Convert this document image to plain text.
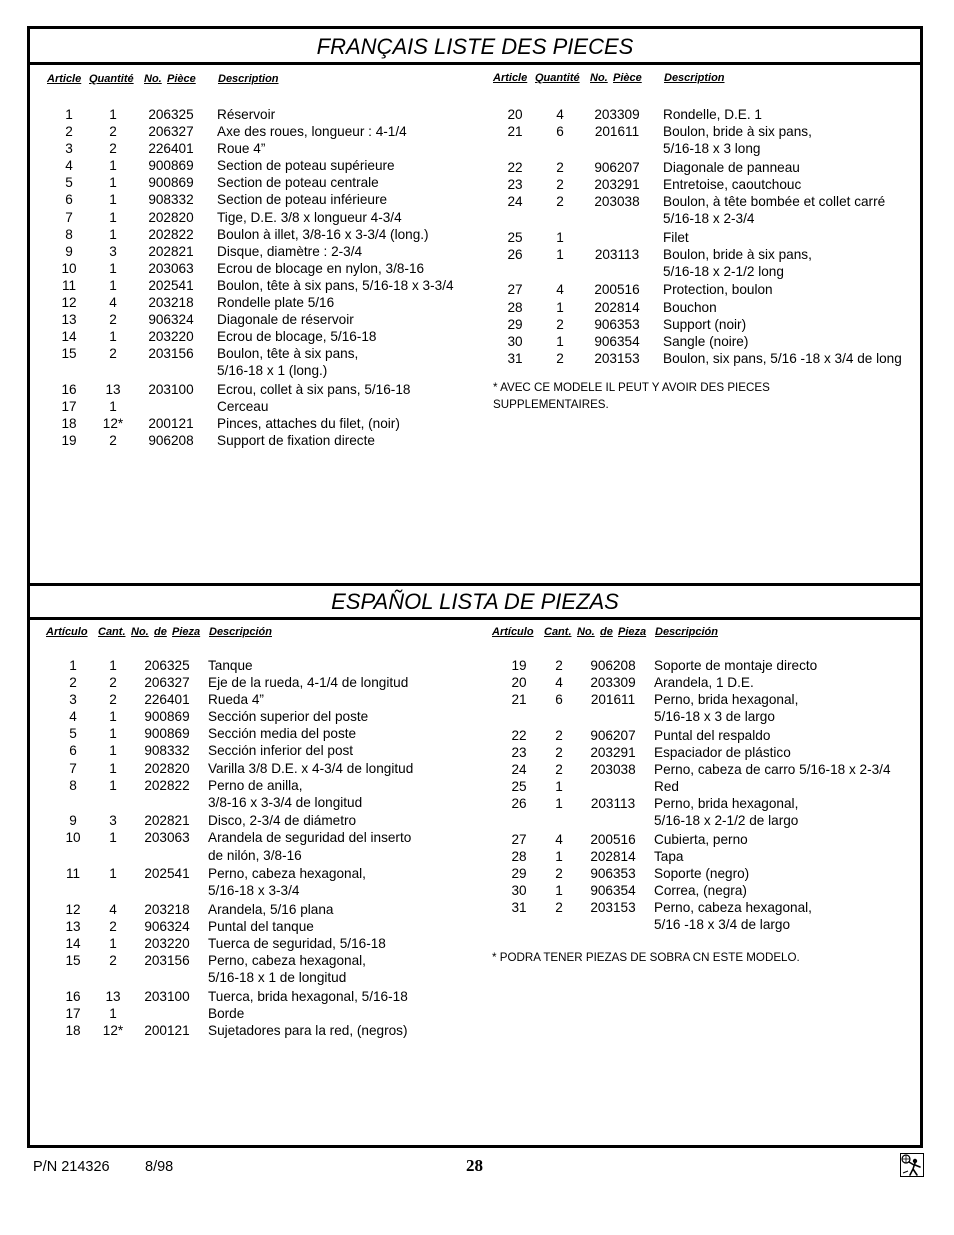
FRANÇAIS LISTE DES PIECES
Article Quantité No. Pièce Description	Article Quantité No. Pièce Description
1	1	206325	Réservoir
2	2	206327	Axe des roues, longueur : 4-1/4
3	2	226401	Roue 4”
4	1	900869	Section de poteau supérieure
5	1	900869	Section de poteau centrale
6	1	908332	Section de poteau inférieure
7	1	202820	Tige, D.E. 3/8 x longueur 4-3/4
8	1	202822	Boulon à illet, 3/8-16 x 3-3/4 (long.)
9	3	202821	Disque, diamètre : 2-3/4
10	1	203063	Ecrou de blocage en nylon, 3/8-16
11	1	202541	Boulon, tête à six pans, 5/16-18 x 3-3/4
12	4	203218	Rondelle plate 5/16
13	2	906324	Diagonale de réservoir
14	1	203220	Ecrou de blocage, 5/16-18
15	2	203156	Boulon, tête à six pans,
5/16-18 x 1 (long.)
16	13	203100	Ecrou, collet à six pans, 5/16-18
17	1	Cerceau
18	12*	200121	Pinces, attaches du filet, (noir)
19	2	906208	Support de fixation directe
20	4	203309	Rondelle, D.E. 1
21	6	201611	Boulon, bride à six pans,
5/16-18 x 3 long
22	2	906207	Diagonale de panneau
23	2	203291	Entretoise, caoutchouc
24	2	203038	Boulon, à tête bombée et collet carré
5/16-18 x 2-3/4
25	1	Filet
26	1	203113	Boulon, bride à six pans,
5/16-18 x 2-1/2 long
27	4	200516	Protection, boulon
28	1	202814	Bouchon
29	2	906353	Support (noir)
30	1	906354	Sangle (noire)
31	2	203153	Boulon, six pans, 5/16 -18 x 3/4 de long
* AVEC CE MODELE IL PEUT Y AVOIR DES PIECES
SUPPLEMENTAIRES.
ESPAÑOL LISTA DE PIEZAS
Artículo Cant. No. de Pieza Descripción	Artículo Cant. No. de Pieza Descripción
1	1	206325	Tanque
2	2	206327	Eje de la rueda, 4-1/4 de longitud
3	2	226401	Rueda 4”
4	1	900869	Sección superior del poste
5	1	900869	Sección media del poste
6	1	908332	Sección inferior del post
7	1	202820	Varilla 3/8 D.E. x 4-3/4 de longitud
8	1	202822	Perno de anilla,
3/8-16 x 3-3/4 de longitud
9	3	202821	Disco, 2-3/4 de diámetro
10	1	203063	Arandela de seguridad del inserto
de nilón, 3/8-16
11	1	202541	Perno, cabeza hexagonal,
5/16-18 x 3-3/4
12	4	203218	Arandela, 5/16 plana
13	2	906324	Puntal del tanque
14	1	203220	Tuerca de seguridad, 5/16-18
15	2	203156	Perno, cabeza hexagonal,
5/16-18 x 1 de longitud
16	13	203100	Tuerca, brida hexagonal, 5/16-18
17	1	Borde
18	12*	200121	Sujetadores para la red, (negros)
19	2	906208	Soporte de montaje directo
20	4	203309	Arandela, 1 D.E.
21	6	201611	Perno, brida hexagonal,
5/16-18 x 3 de largo
22	2	906207	Puntal del respaldo
23	2	203291	Espaciador de plástico
24	2	203038	Perno, cabeza de carro 5/16-18 x 2-3/4
25	1	Red
26	1	203113	Perno, brida hexagonal,
5/16-18 x 2-1/2 de largo
27	4	200516	Cubierta, perno
28	1	202814	Tapa
29	2	906353	Soporte (negro)
30	1	906354	Correa, (negra)
31	2	203153	Perno, cabeza hexagonal,
5/16 -18 x 3/4 de largo
* PODRA TENER PIEZAS DE SOBRA CN ESTE MODELO.
P/N 214326 8/98	28
